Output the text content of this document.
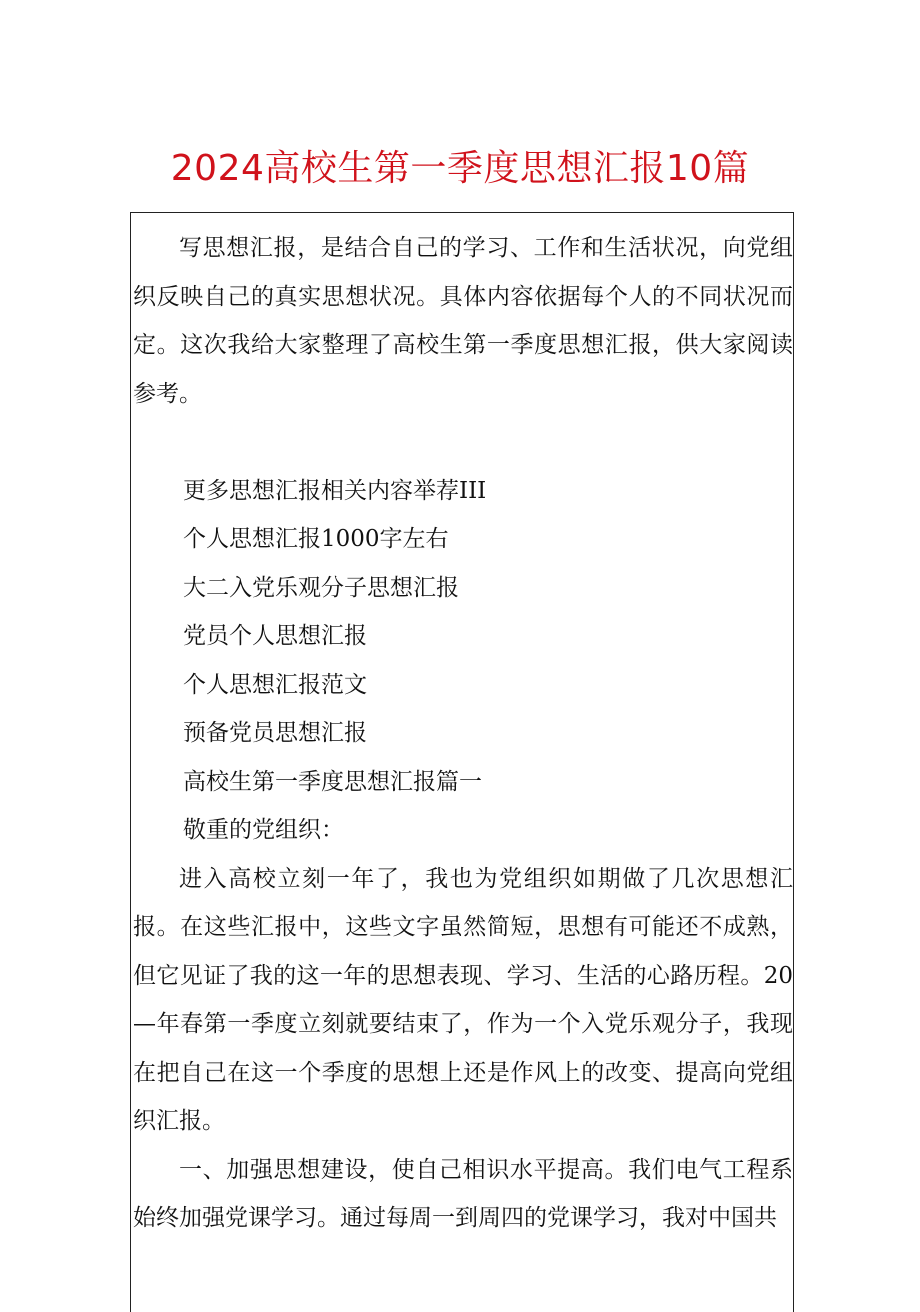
2024高校生第一季度思想汇报10篇

写思想汇报，是结合自己的学习、工作和生活状况，向党组织反映自己的真实思想状况。具体内容依据每个人的不同状况而定。这次我给大家整理了高校生第一季度思想汇报，供大家阅读参考。

更多思想汇报相关内容举荐III

个人思想汇报1000字左右

大二入党乐观分子思想汇报

党员个人思想汇报

个人思想汇报范文

预备党员思想汇报

高校生第一季度思想汇报篇一

敬重的党组织：

进入高校立刻一年了，我也为党组织如期做了几次思想汇报。在这些汇报中，这些文字虽然简短，思想有可能还不成熟，但它见证了我的这一年的思想表现、学习、生活的心路历程。20—年春第一季度立刻就要结束了，作为一个入党乐观分子，我现在把自己在这一个季度的思想上还是作风上的改变、提高向党组织汇报。

一、加强思想建设，使自己相识水平提高。我们电气工程系始终加强党课学习。通过每周一到周四的党课学习，我对中国共
